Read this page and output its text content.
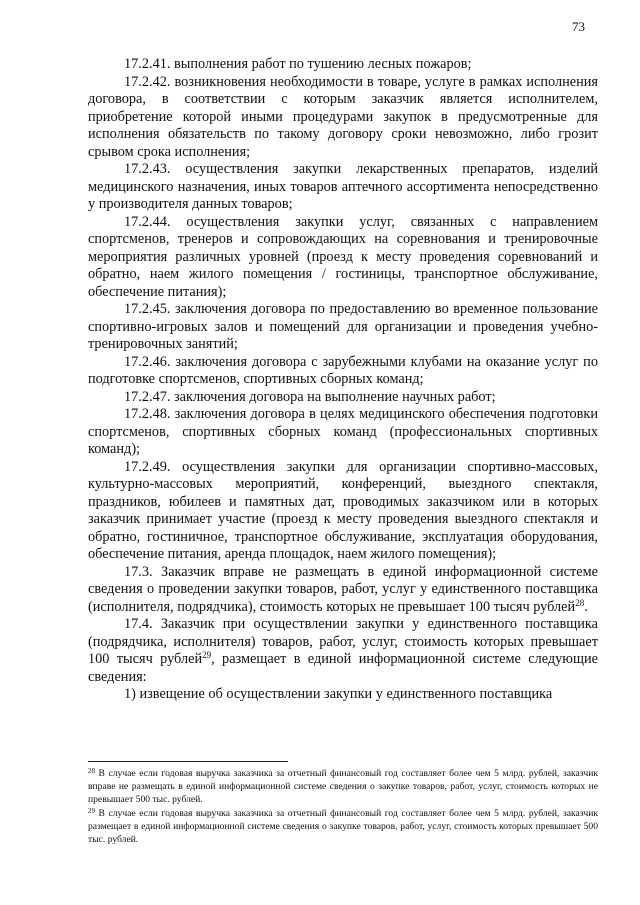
73

17.2.41. выполнения работ по тушению лесных пожаров;

17.2.42. возникновения необходимости в товаре, услуге в рамках исполнения договора, в соответствии с которым заказчик является исполнителем, приобретение которой иными процедурами закупок в предусмотренные для исполнения обязательств по такому договору сроки невозможно, либо грозит срывом срока исполнения;

17.2.43. осуществления закупки лекарственных препаратов, изделий медицинского назначения, иных товаров аптечного ассортимента непосредственно у производителя данных товаров;

17.2.44. осуществления закупки услуг, связанных с направлением спортсменов, тренеров и сопровождающих на соревнования и тренировочные мероприятия различных уровней (проезд к месту проведения соревнований и обратно, наем жилого помещения / гостиницы, транспортное обслуживание, обеспечение питания);

17.2.45. заключения договора по предоставлению во временное пользование спортивно-игровых залов и помещений для организации и проведения учебно-тренировочных занятий;

17.2.46. заключения договора с зарубежными клубами на оказание услуг по подготовке спортсменов, спортивных сборных команд;

17.2.47. заключения договора на выполнение научных работ;

17.2.48. заключения договора в целях медицинского обеспечения подготовки спортсменов, спортивных сборных команд (профессиональных спортивных команд);

17.2.49. осуществления закупки для организации спортивно-массовых, культурно-массовых мероприятий, конференций, выездного спектакля, праздников, юбилеев и памятных дат, проводимых заказчиком или в которых заказчик принимает участие (проезд к месту проведения выездного спектакля и обратно, гостиничное, транспортное обслуживание, эксплуатация оборудования, обеспечение питания, аренда площадок, наем жилого помещения);

17.3. Заказчик вправе не размещать в единой информационной системе сведения о проведении закупки товаров, работ, услуг у единственного поставщика (исполнителя, подрядчика), стоимость которых не превышает 100 тысяч рублей$^{28}$.

17.4. Заказчик при осуществлении закупки у единственного поставщика (подрядчика, исполнителя) товаров, работ, услуг, стоимость которых превышает 100 тысяч рублей$^{29}$, размещает в единой информационной системе следующие сведения:

1) извещение об осуществлении закупки у единственного поставщика

$^{28}$ В случае если годовая выручка заказчика за отчетный финансовый год составляет более чем 5 млрд. рублей, заказчик вправе не размещать в единой информационной системе сведения о закупке товаров, работ, услуг, стоимость которых не превышает 500 тыс. рублей.

$^{29}$ В случае если годовая выручка заказчика за отчетный финансовый год составляет более чем 5 млрд. рублей, заказчик размещает в единой информационной системе сведения о закупке товаров, работ, услуг, стоимость которых превышает 500 тыс. рублей.
